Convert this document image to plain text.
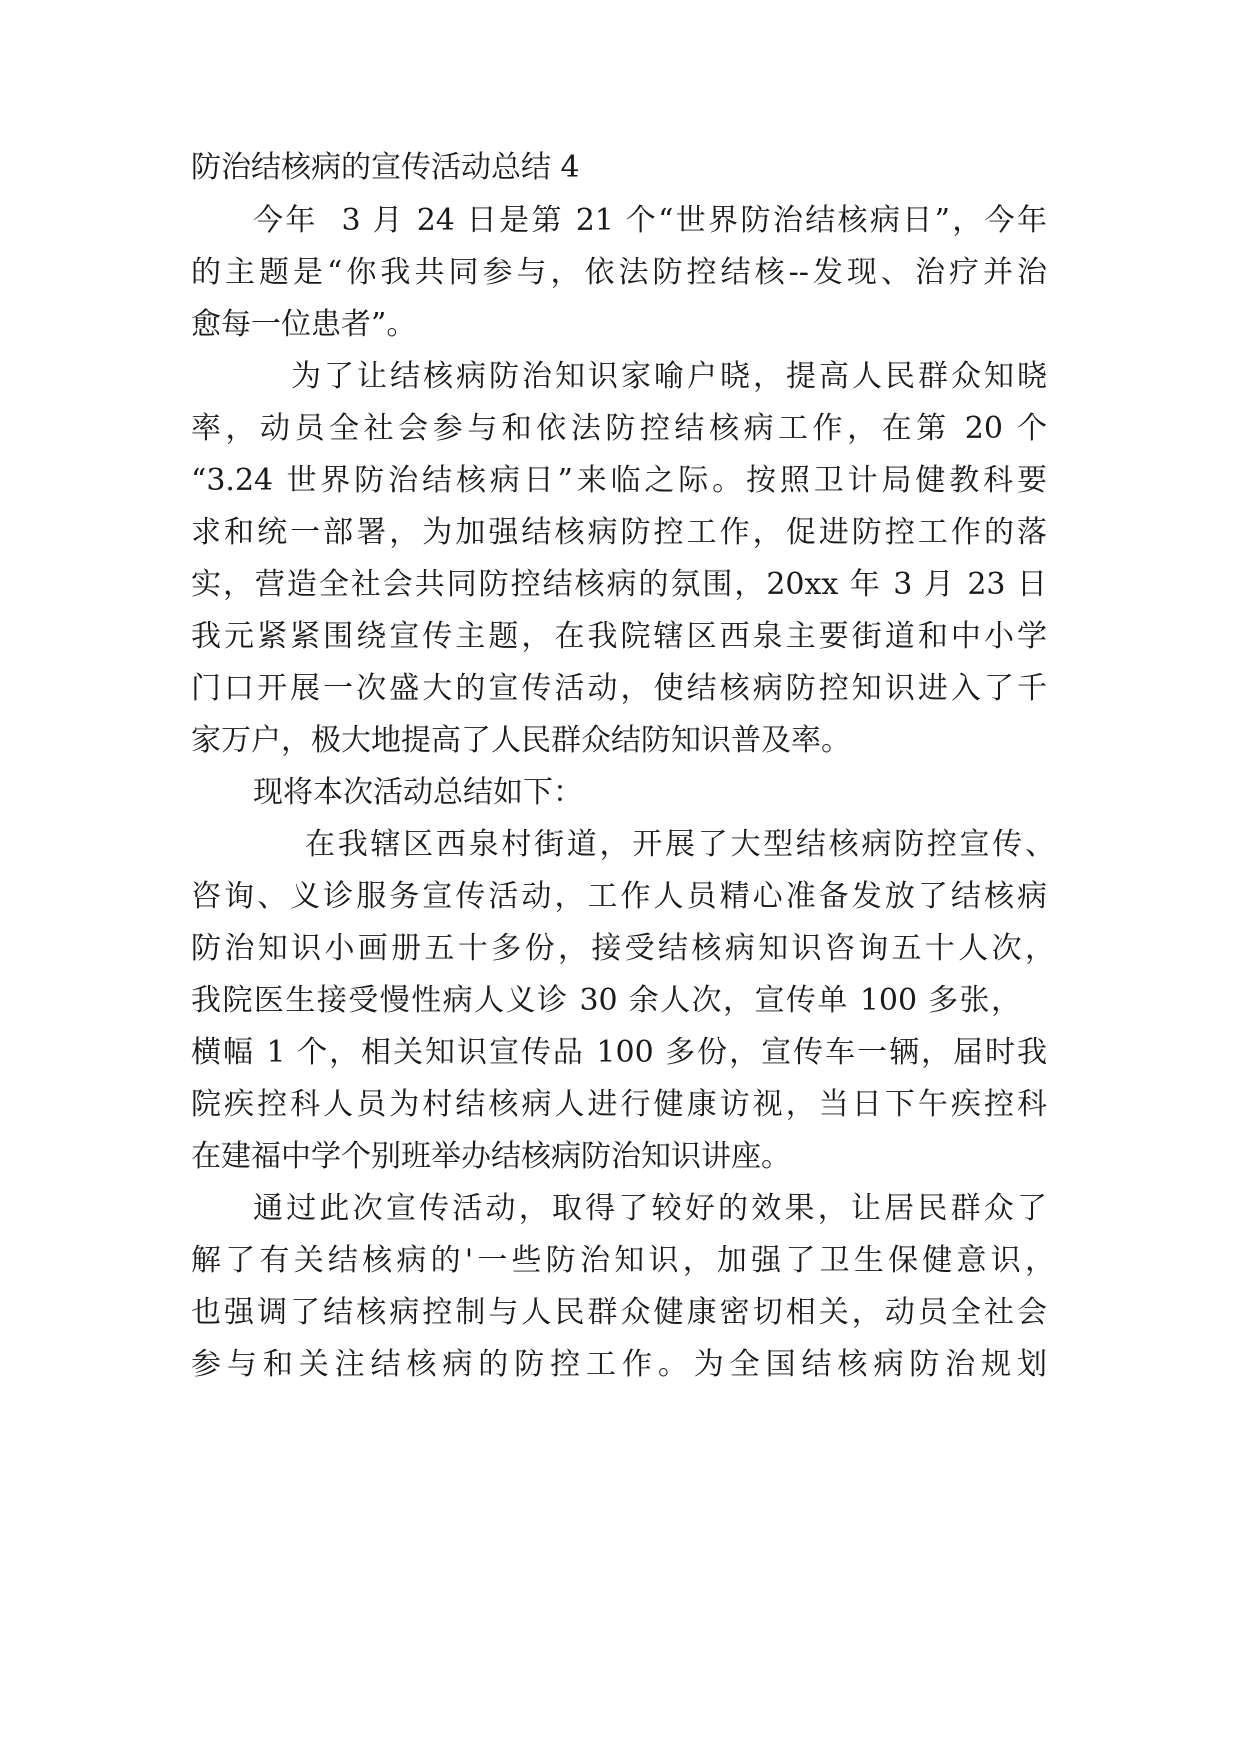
防治结核病的宣传活动总结 4
今年  3 月 24 日是第 21 个“世界防治结核病日”，今年
的主题是“你我共同参与，依法防控结核--发现、治疗并治
愈每一位患者”。
为了让结核病防治知识家喻户晓，提高人民群众知晓
率，动员全社会参与和依法防控结核病工作，在第 20 个
“3.24 世界防治结核病日”来临之际。按照卫计局健教科要
求和统一部署，为加强结核病防控工作，促进防控工作的落
实，营造全社会共同防控结核病的氛围，20xx 年 3 月 23 日
我元紧紧围绕宣传主题，在我院辖区西泉主要街道和中小学
门口开展一次盛大的宣传活动，使结核病防控知识进入了千
家万户，极大地提高了人民群众结防知识普及率。
现将本次活动总结如下：
在我辖区西泉村街道，开展了大型结核病防控宣传、
咨询、义诊服务宣传活动，工作人员精心准备发放了结核病
防治知识小画册五十多份，接受结核病知识咨询五十人次，
我院医生接受慢性病人义诊 30 余人次，宣传单 100 多张，
横幅 1 个，相关知识宣传品 100 多份，宣传车一辆，届时我
院疾控科人员为村结核病人进行健康访视，当日下午疾控科
在建福中学个别班举办结核病防治知识讲座。
通过此次宣传活动，取得了较好的效果，让居民群众了
解了有关结核病的'一些防治知识，加强了卫生保健意识，
也强调了结核病控制与人民群众健康密切相关，动员全社会
参与和关注结核病的防控工作。为全国结核病防治规划
